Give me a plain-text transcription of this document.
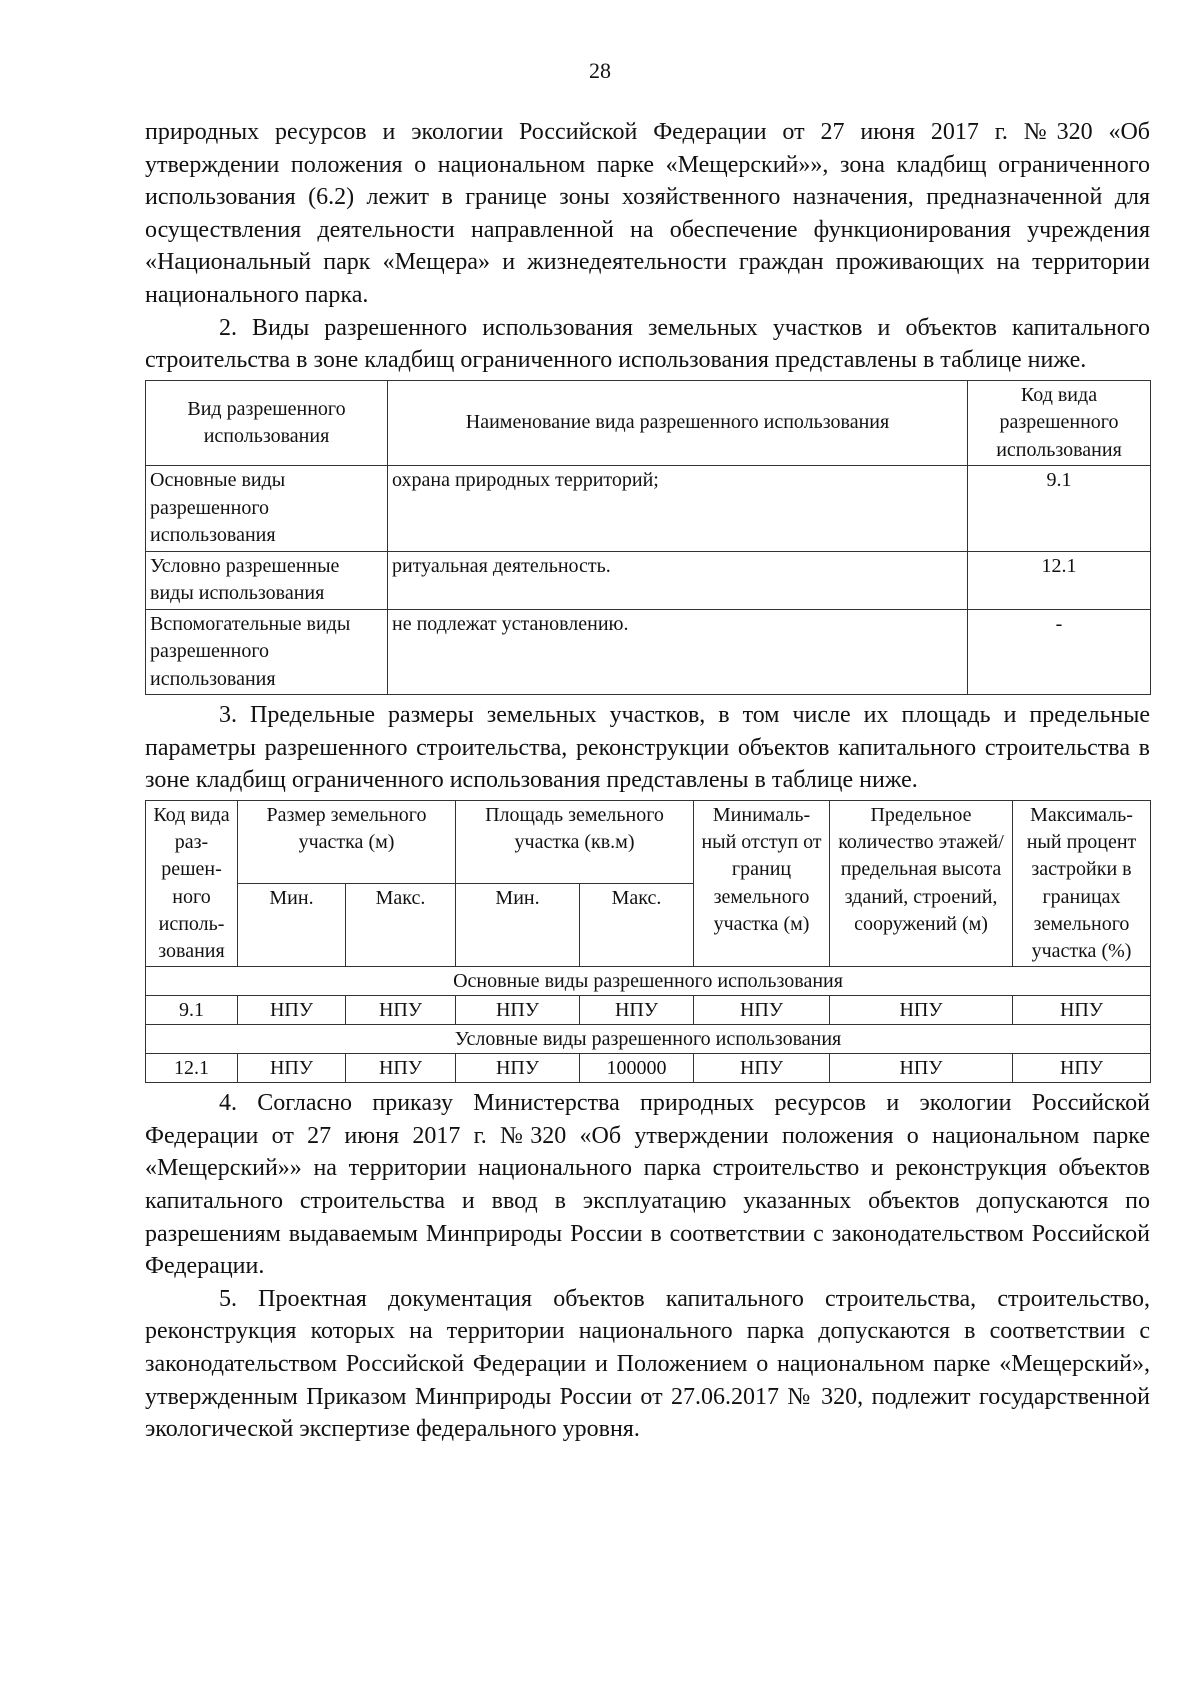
28

природных ресурсов и экологии Российской Федерации от 27 июня 2017 г. №320 «Об утверждении положения о национальном парке «Мещерский»», зона кладбищ ограниченного использования (6.2) лежит в границе зоны хозяйственного назначения, предназначенной для осуществления деятельности направленной на обеспечение функционирования учреждения «Национальный парк «Мещера» и жизнедеятельности граждан проживающих на территории национального парка.

2. Виды разрешенного использования земельных участков и объектов капитального строительства в зоне кладбищ ограниченного использования представлены в таблице ниже.

Вид разрешенного использования	Наименование вида разрешенного использования	Код вида разрешенного использования
Основные виды разрешенного использования	охрана природных территорий;	9.1
Условно разрешенные виды использования	ритуальная деятельность.	12.1
Вспомогательные виды разрешенного использования	не подлежат установлению.	-

3. Предельные размеры земельных участков, в том числе их площадь и предельные параметры разрешенного строительства, реконструкции объектов капитального строительства в зоне кладбищ ограниченного использования представлены в таблице ниже.

Код вида раз-решен-ного исполь-зования	Размер земельного участка (м)		Площадь земельного участка (кв.м)		Минималь-ный отступ от границ земельного участка (м)	Предельное количество этажей/ предельная высота зданий, строений, сооружений (м)	Максималь-ный процент застройки в границах земельного участка (%)
	Мин.	Макс.	Мин.	Макс.			
Основные виды разрешенного использования							
9.1	НПУ	НПУ	НПУ	НПУ	НПУ	НПУ	НПУ
Условные виды разрешенного использования							
12.1	НПУ	НПУ	НПУ	100000	НПУ	НПУ	НПУ

4. Согласно приказу Министерства природных ресурсов и экологии Российской Федерации от 27 июня 2017 г. №320 «Об утверждении положения о национальном парке «Мещерский»» на территории национального парка строительство и реконструкция объектов капитального строительства и ввод в эксплуатацию указанных объектов допускаются по разрешениям выдаваемым Минприроды России в соответствии с законодательством Российской Федерации.

5. Проектная документация объектов капитального строительства, строительство, реконструкция которых на территории национального парка допускаются в соответствии с законодательством Российской Федерации и Положением о национальном парке «Мещерский», утвержденным Приказом Минприроды России от 27.06.2017 № 320, подлежит государственной экологической экспертизе федерального уровня.
